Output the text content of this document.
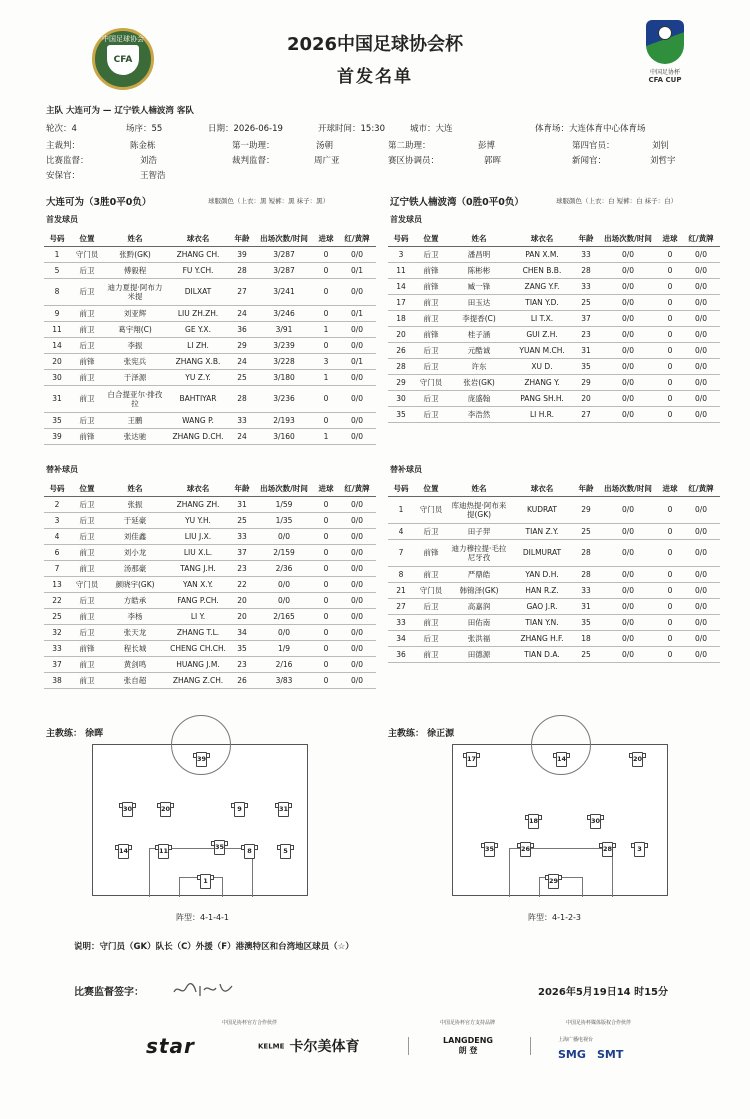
中国足球协会
CFA
中国足协杯
CFA CUP
2026中国足球协会杯
首发名单
主队 大连可为 — 辽宁铁人楠波湾 客队
轮次：4	场序：55	日期：2026-06-19	开球时间：15:30	城市：大连	体育场：大连体育中心体育场
主裁判：	陈金栋	第一助理：	汤朝	第二助理：	彭博	第四官员：	刘钊
比赛监督：	刘浩	裁判监督：	周广亚	赛区协调员：	郭晖	新闻官：	刘哲宇
安保官：	王智浩
大连可为（3胜0平0负）	球服颜色（上衣：黑 短裤：黑 袜子：黑）	辽宁铁人楠波湾（0胜0平0负）	球服颜色（上衣：白 短裤：白 袜子：白）
首发球员	首发球员
号码	位置	姓名	球衣名	年龄	出场次数/时间	进球	红/黄牌
1	守门员	张黔(GK)	ZHANG CH.	39	3/287	0	0/0
5	后卫	傅毅程	FU Y.CH.	28	3/287	0	0/1
8	后卫	迪力夏提·阿布力米提	DILXAT	27	3/241	0	0/0
9	前卫	刘亚辉	LIU ZH.ZH.	24	3/246	0	0/1
11	前卫	葛宇翔(C)	GE Y.X.	36	3/91	1	0/0
14	后卫	李振	LI ZH.	29	3/239	0	0/0
20	前锋	张宪兵	ZHANG X.B.	24	3/228	3	0/1
30	前卫	于泽源	YU Z.Y.	25	3/180	1	0/0
31	前卫	白合提亚尔·排孜拉	BAHTIYAR	28	3/236	0	0/0
35	后卫	王鹏	WANG P.	33	2/193	0	0/0
39	前锋	张达驰	ZHANG D.CH.	24	3/160	1	0/0
号码	位置	姓名	球衣名	年龄	出场次数/时间	进球	红/黄牌
3	后卫	潘昌明	PAN X.M.	33	0/0	0	0/0
11	前锋	陈彬彬	CHEN B.B.	28	0/0	0	0/0
14	前锋	臧一锋	ZANG Y.F.	33	0/0	0	0/0
17	前卫	田玉达	TIAN Y.D.	25	0/0	0	0/0
18	前卫	李提香(C)	LI T.X.	37	0/0	0	0/0
20	前锋	桂子涵	GUI Z.H.	23	0/0	0	0/0
26	后卫	元酷诚	YUAN M.CH.	31	0/0	0	0/0
28	后卫	许东	XU D.	35	0/0	0	0/0
29	守门员	张岩(GK)	ZHANG Y.	29	0/0	0	0/0
30	后卫	庞盛翰	PANG SH.H.	20	0/0	0	0/0
35	后卫	李浩然	LI H.R.	27	0/0	0	0/0
替补球员	替补球员
号码	位置	姓名	球衣名	年龄	出场次数/时间	进球	红/黄牌
2	后卫	张振	ZHANG ZH.	31	1/59	0	0/0
3	后卫	于延豪	YU Y.H.	25	1/35	0	0/0
4	后卫	刘佳鑫	LIU J.X.	33	0/0	0	0/0
6	前卫	刘小龙	LIU X.L.	37	2/159	0	0/0
7	前卫	汤那豪	TANG J.H.	23	2/36	0	0/0
13	守门员	颜晓宇(GK)	YAN X.Y.	22	0/0	0	0/0
22	后卫	方皓承	FANG P.CH.	20	0/0	0	0/0
25	前卫	李杨	LI Y.	20	2/165	0	0/0
32	后卫	张天龙	ZHANG T.L.	34	0/0	0	0/0
33	前锋	程长城	CHENG CH.CH.	35	1/9	0	0/0
37	前卫	黄剑鸣	HUANG J.M.	23	2/16	0	0/0
38	前卫	张自超	ZHANG Z.CH.	26	3/83	0	0/0
号码	位置	姓名	球衣名	年龄	出场次数/时间	进球	红/黄牌
1	守门员	库迪热提·阿布来提(GK)	KUDRAT	29	0/0	0	0/0
4	后卫	田子羿	TIAN Z.Y.	25	0/0	0	0/0
7	前锋	迪力穆拉提·毛拉尼牙孜	DILMURAT	28	0/0	0	0/0
8	前卫	严鼎皓	YAN D.H.	28	0/0	0	0/0
21	守门员	韩锦泽(GK)	HAN R.Z.	33	0/0	0	0/0
27	后卫	高嘉润	GAO J.R.	31	0/0	0	0/0
33	前卫	田佑南	TIAN Y.N.	35	0/0	0	0/0
34	后卫	张洪福	ZHANG H.F.	18	0/0	0	0/0
36	前卫	田德源	TIAN D.A.	25	0/0	0	0/0
主教练： 徐晖	主教练： 徐正源
39
30	20	9	31
35
14	11	8	5
1
17	20
14
18	30
35	26	28	3
29
阵型：4-1-4-1	阵型：4-1-2-3
说明：守门员（GK）队长（C）外援（F）港澳特区和台湾地区球员（☆）
比赛监督签字：	2026年5月19日14 时15分
中国足协杯官方合作伙伴	中国足协杯官方支持品牌	中国足协杯媒体版权合作伙伴
star	KELME 卡尔美体育	LANGDENG
朗 登
上海广播电视台
SMG SMT
